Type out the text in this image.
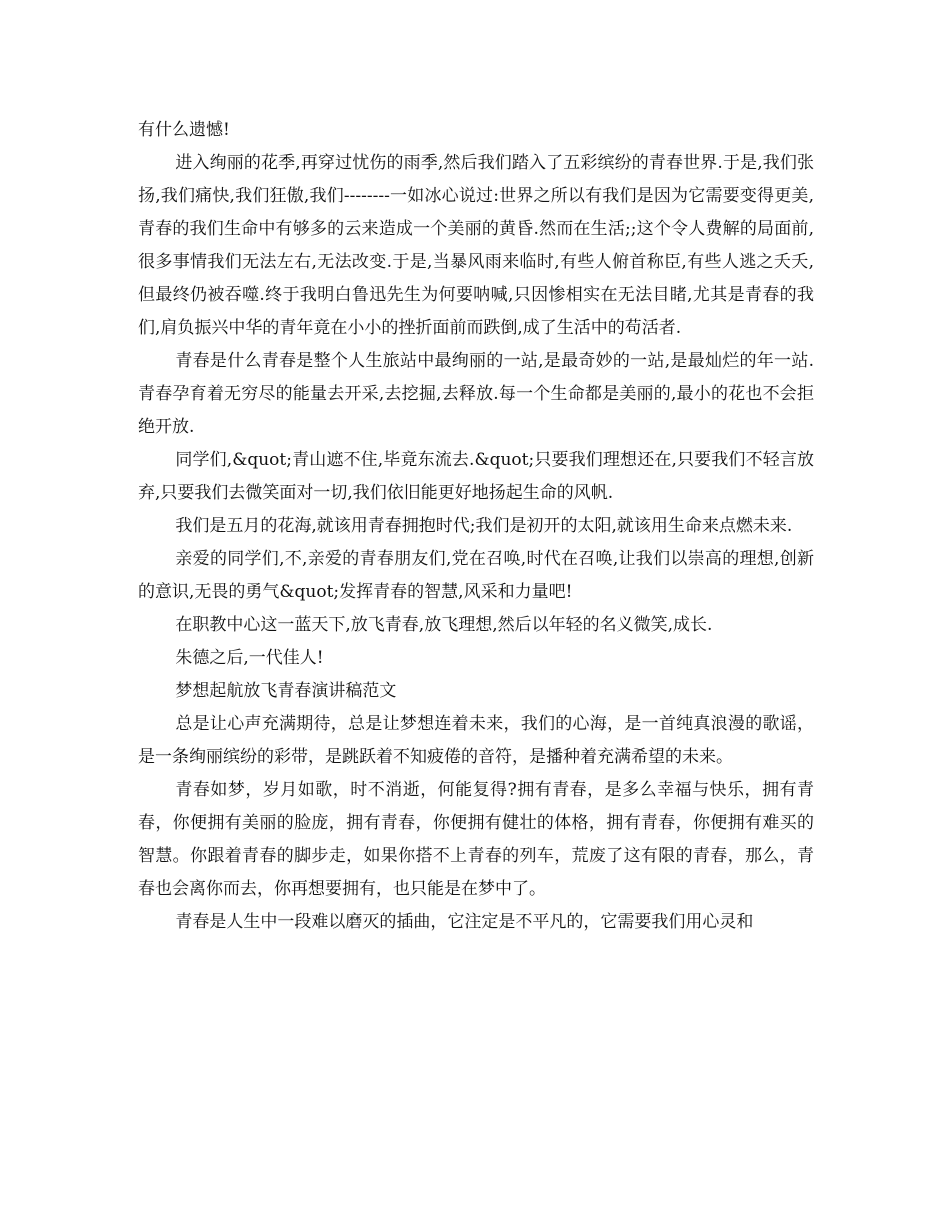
有什么遗憾!

进入绚丽的花季,再穿过忧伤的雨季,然后我们踏入了五彩缤纷的青春世界.于是,我们张扬,我们痛快,我们狂傲,我们--------一如冰心说过:世界之所以有我们是因为它需要变得更美,青春的我们生命中有够多的云来造成一个美丽的黄昏.然而在生活;;这个令人费解的局面前,很多事情我们无法左右,无法改变.于是,当暴风雨来临时,有些人俯首称臣,有些人逃之夭夭,但最终仍被吞噬.终于我明白鲁迅先生为何要呐喊,只因惨相实在无法目睹,尤其是青春的我们,肩负振兴中华的青年竟在小小的挫折面前而跌倒,成了生活中的苟活者.

青春是什么青春是整个人生旅站中最绚丽的一站,是最奇妙的一站,是最灿烂的年一站.青春孕育着无穷尽的能量去开采,去挖掘,去释放.每一个生命都是美丽的,最小的花也不会拒绝开放.

同学们,&quot;青山遮不住,毕竟东流去.&quot;只要我们理想还在,只要我们不轻言放弃,只要我们去微笑面对一切,我们依旧能更好地扬起生命的风帆.

我们是五月的花海,就该用青春拥抱时代;我们是初开的太阳,就该用生命来点燃未来.

亲爱的同学们,不,亲爱的青春朋友们,党在召唤,时代在召唤,让我们以崇高的理想,创新的意识,无畏的勇气&quot;发挥青春的智慧,风采和力量吧!

在职教中心这一蓝天下,放飞青春,放飞理想,然后以年轻的名义微笑,成长.

朱德之后,一代佳人!

梦想起航放飞青春演讲稿范文

总是让心声充满期待，总是让梦想连着未来，我们的心海，是一首纯真浪漫的歌谣，是一条绚丽缤纷的彩带，是跳跃着不知疲倦的音符，是播种着充满希望的未来。

青春如梦，岁月如歌，时不消逝，何能复得?拥有青春，是多么幸福与快乐，拥有青春，你便拥有美丽的脸庞，拥有青春，你便拥有健壮的体格，拥有青春，你便拥有难买的智慧。你跟着青春的脚步走，如果你搭不上青春的列车，荒废了这有限的青春，那么，青春也会离你而去，你再想要拥有，也只能是在梦中了。

青春是人生中一段难以磨灭的插曲，它注定是不平凡的，它需要我们用心灵和
